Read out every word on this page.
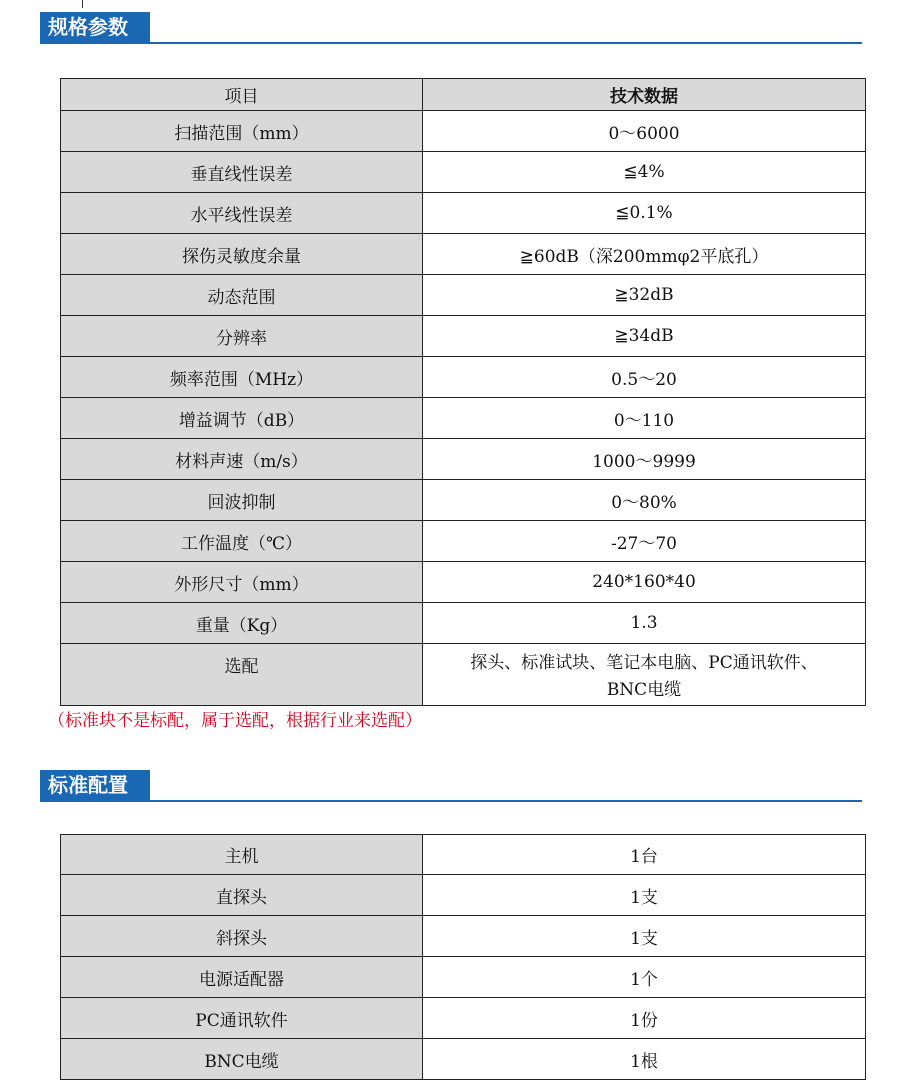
规格参数
项目	技术数据
扫描范围（mm）	0～6000
垂直线性误差	≦4%
水平线性误差	≦0.1%
探伤灵敏度余量	≧60dB（深200mmφ2平底孔）
动态范围	≧32dB
分辨率	≧34dB
频率范围（MHz）	0.5～20
增益调节（dB）	0～110
材料声速（m/s）	1000～9999
回波抑制	0～80%
工作温度（℃）	-27～70
外形尺寸（mm）	240*160*40
重量（Kg）	1.3
选配	探头、标准试块、笔记本电脑、PC通讯软件、
BNC电缆
（标准块不是标配，属于选配，根据行业来选配）
标准配置
主机	1台
直探头	1支
斜探头	1支
电源适配器	1个
PC通讯软件	1份
BNC电缆	1根
